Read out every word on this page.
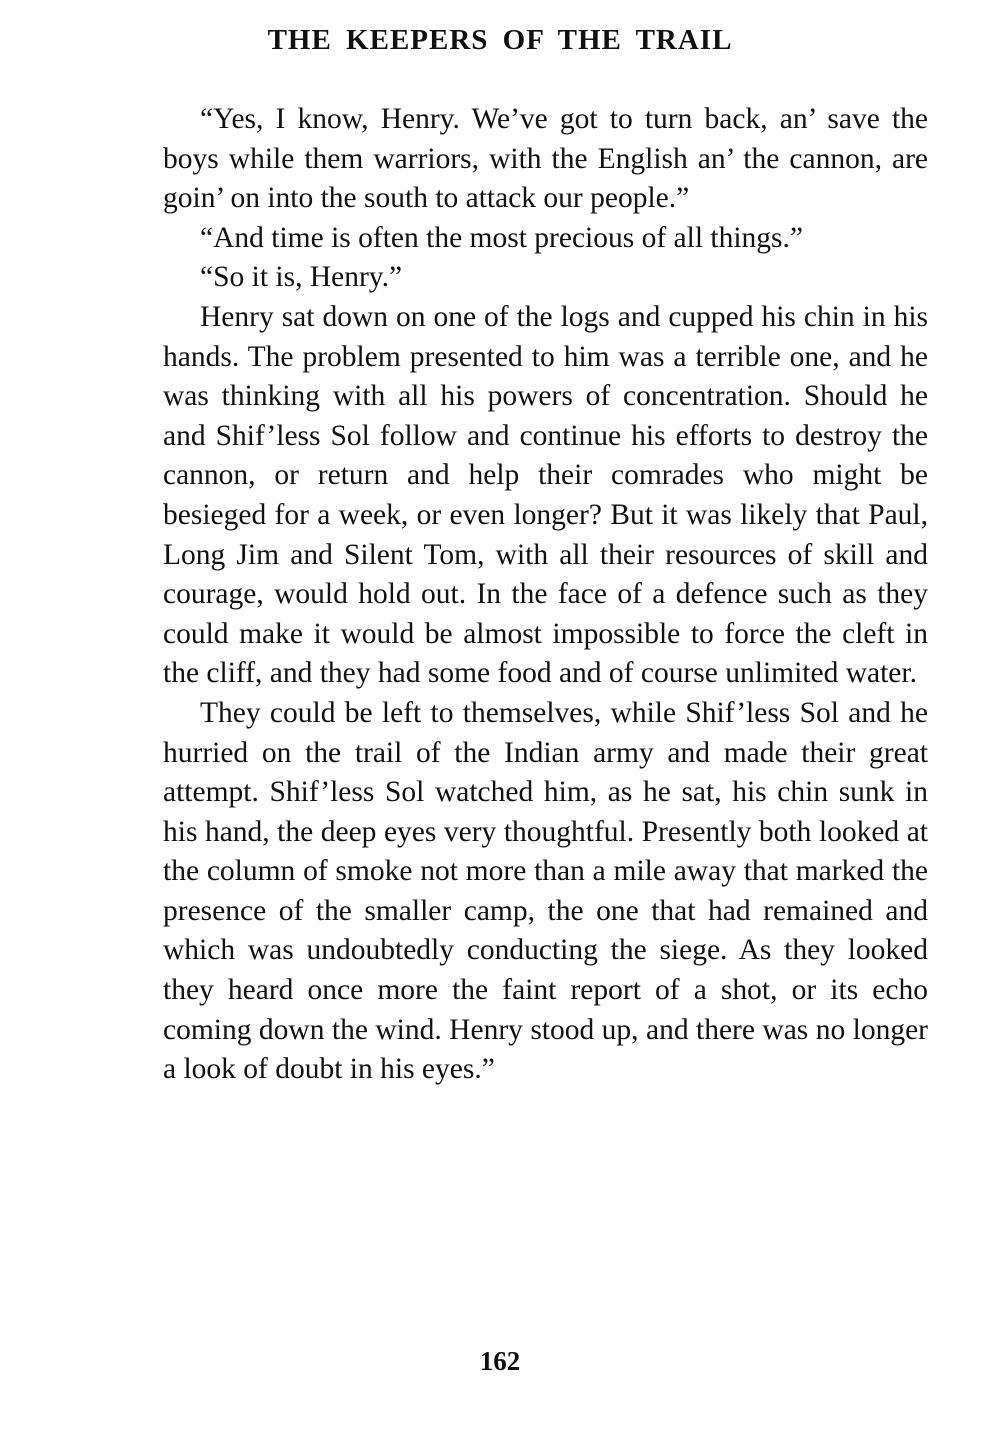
THE KEEPERS OF THE TRAIL

“Yes, I know, Henry. We’ve got to turn back, an’ save the boys while them warriors, with the English an’ the cannon, are goin’ on into the south to attack our people.”

“And time is often the most precious of all things.”

“So it is, Henry.”

Henry sat down on one of the logs and cupped his chin in his hands. The problem presented to him was a terrible one, and he was thinking with all his powers of concentration. Should he and Shif’less Sol follow and continue his efforts to destroy the cannon, or return and help their comrades who might be besieged for a week, or even longer? But it was likely that Paul, Long Jim and Silent Tom, with all their resources of skill and courage, would hold out. In the face of a defence such as they could make it would be almost impossible to force the cleft in the cliff, and they had some food and of course unlimited water.

They could be left to themselves, while Shif’less Sol and he hurried on the trail of the Indian army and made their great attempt. Shif’less Sol watched him, as he sat, his chin sunk in his hand, the deep eyes very thoughtful. Presently both looked at the column of smoke not more than a mile away that marked the presence of the smaller camp, the one that had remained and which was undoubtedly conducting the siege. As they looked they heard once more the faint report of a shot, or its echo coming down the wind. Henry stood up, and there was no longer a look of doubt in his eyes.”

162
